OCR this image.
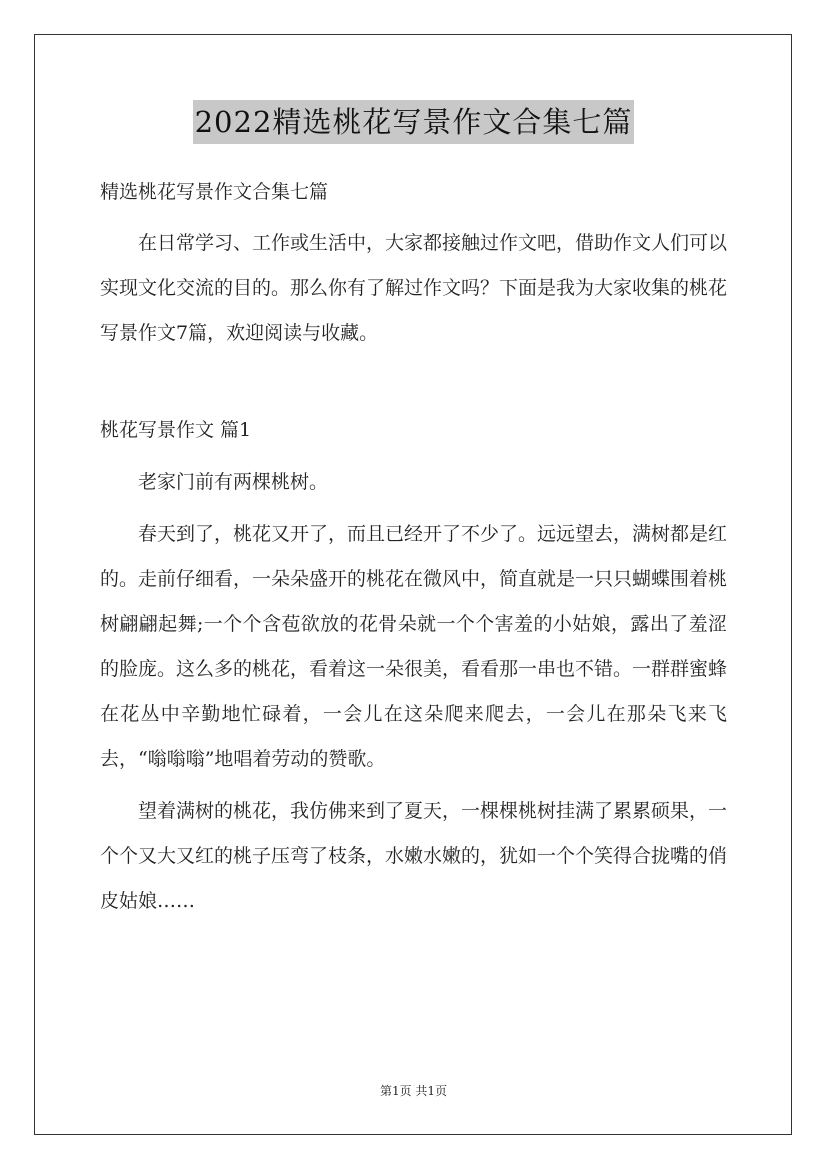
2022精选桃花写景作文合集七篇

精选桃花写景作文合集七篇

在日常学习、工作或生活中，大家都接触过作文吧，借助作文人们可以实现文化交流的目的。那么你有了解过作文吗？下面是我为大家收集的桃花写景作文7篇，欢迎阅读与收藏。

桃花写景作文 篇1

老家门前有两棵桃树。

春天到了，桃花又开了，而且已经开了不少了。远远望去，满树都是红的。走前仔细看，一朵朵盛开的桃花在微风中，简直就是一只只蝴蝶围着桃树翩翩起舞;一个个含苞欲放的花骨朵就一个个害羞的小姑娘，露出了羞涩的脸庞。这么多的桃花，看着这一朵很美，看看那一串也不错。一群群蜜蜂在花丛中辛勤地忙碌着，一会儿在这朵爬来爬去，一会儿在那朵飞来飞去，“嗡嗡嗡”地唱着劳动的赞歌。

望着满树的桃花，我仿佛来到了夏天，一棵棵桃树挂满了累累硕果，一个个又大又红的桃子压弯了枝条，水嫩水嫩的，犹如一个个笑得合拢嘴的俏皮姑娘……

第1页 共1页
